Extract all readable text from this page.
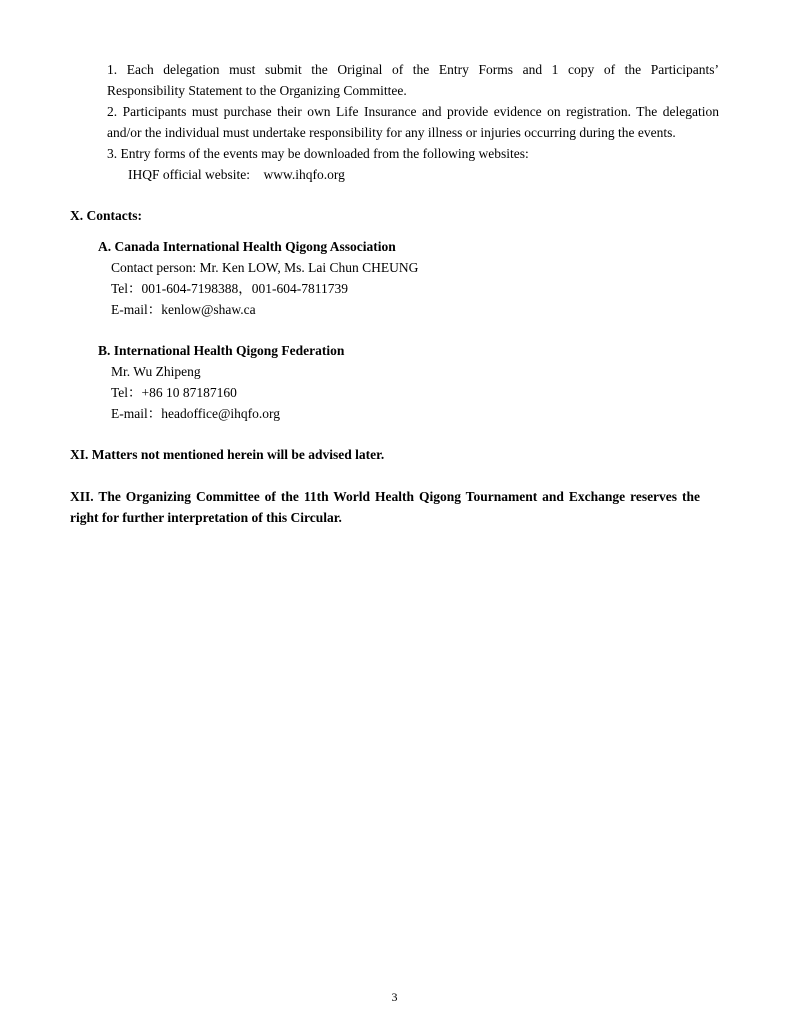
1. Each delegation must submit the Original of the Entry Forms and 1 copy of the Participants’
Responsibility Statement to the Organizing Committee.
2. Participants must purchase their own Life Insurance and provide evidence on registration. The delegation
and/or the individual must undertake responsibility for any illness or injuries occurring during the events.
3. Entry forms of the events may be downloaded from the following websites:
IHQF official website:    www.ihqfo.org
X. Contacts:
A. Canada International Health Qigong Association
Contact person: Mr. Ken LOW, Ms. Lai Chun CHEUNG
Tel：001-604-7198388，001-604-7811739
E-mail：kenlow@shaw.ca
B. International Health Qigong Federation
Mr. Wu Zhipeng
Tel：+86 10 87187160
E-mail：headoffice@ihqfo.org
XI. Matters not mentioned herein will be advised later.
XII. The Organizing Committee of the 11th World Health Qigong Tournament and Exchange reserves the
right for further interpretation of this Circular.
3
